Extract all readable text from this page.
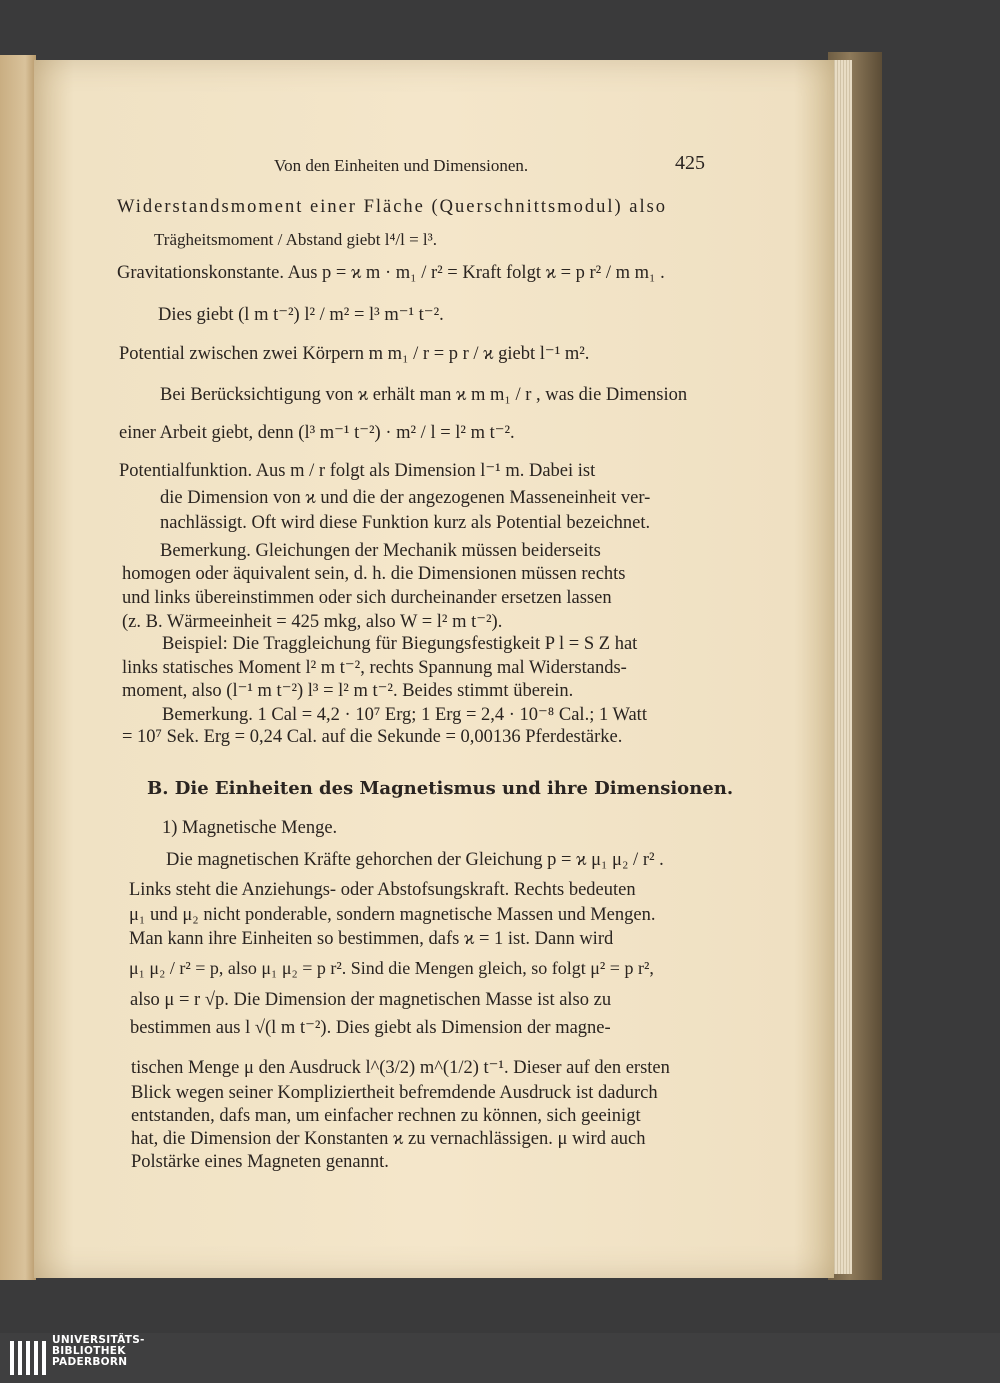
Von den Einheiten und Dimensionen.	425
Widerstandsmoment einer Fläche (Querschnittsmodul) also
Trägheitsmoment / Abstand giebt l⁴/l = l³.
Gravitationskonstante. Aus p = ϰ m · m₁ / r² = Kraft folgt ϰ = p r² / m m₁ .
Dies giebt (l m t⁻²) l² / m² = l³ m⁻¹ t⁻².
Potential zwischen zwei Körpern m m₁ / r = p r / ϰ giebt l⁻¹ m².
Bei Berücksichtigung von ϰ erhält man ϰ m m₁ / r , was die Dimension
einer Arbeit giebt, denn (l³ m⁻¹ t⁻²) · m² / l = l² m t⁻².
Potentialfunktion. Aus m / r folgt als Dimension l⁻¹ m. Dabei ist
die Dimension von ϰ und die der angezogenen Masseneinheit ver-
nachlässigt. Oft wird diese Funktion kurz als Potential bezeichnet.
Bemerkung. Gleichungen der Mechanik müssen beiderseits
homogen oder äquivalent sein, d. h. die Dimensionen müssen rechts
und links übereinstimmen oder sich durcheinander ersetzen lassen
(z. B. Wärmeeinheit = 425 mkg, also W = l² m t⁻²).
Beispiel: Die Traggleichung für Biegungsfestigkeit P l = S Z hat
links statisches Moment l² m t⁻², rechts Spannung mal Widerstands-
moment, also (l⁻¹ m t⁻²) l³ = l² m t⁻². Beides stimmt überein.
Bemerkung. 1 Cal = 4,2 · 10⁷ Erg; 1 Erg = 2,4 · 10⁻⁸ Cal.; 1 Watt
= 10⁷ Sek. Erg = 0,24 Cal. auf die Sekunde = 0,00136 Pferdestärke.
B. Die Einheiten des Magnetismus und ihre Dimensionen.
1) Magnetische Menge.
Die magnetischen Kräfte gehorchen der Gleichung p = ϰ μ₁ μ₂ / r² .
Links steht die Anziehungs- oder Abstofsungskraft. Rechts bedeuten
μ₁ und μ₂ nicht ponderable, sondern magnetische Massen und Mengen.
Man kann ihre Einheiten so bestimmen, dafs ϰ = 1 ist. Dann wird
μ₁ μ₂ / r² = p, also μ₁ μ₂ = p r². Sind die Mengen gleich, so folgt μ² = p r²,
also μ = r √p. Die Dimension der magnetischen Masse ist also zu
bestimmen aus l √(l m t⁻²). Dies giebt als Dimension der magne-
tischen Menge μ den Ausdruck l^(3/2) m^(1/2) t⁻¹. Dieser auf den ersten
Blick wegen seiner Kompliziertheit befremdende Ausdruck ist dadurch
entstanden, dafs man, um einfacher rechnen zu können, sich geeinigt
hat, die Dimension der Konstanten ϰ zu vernachlässigen. μ wird auch
Polstärke eines Magneten genannt.
UNIVERSITÄTS-
BIBLIOTHEK
PADERBORN
